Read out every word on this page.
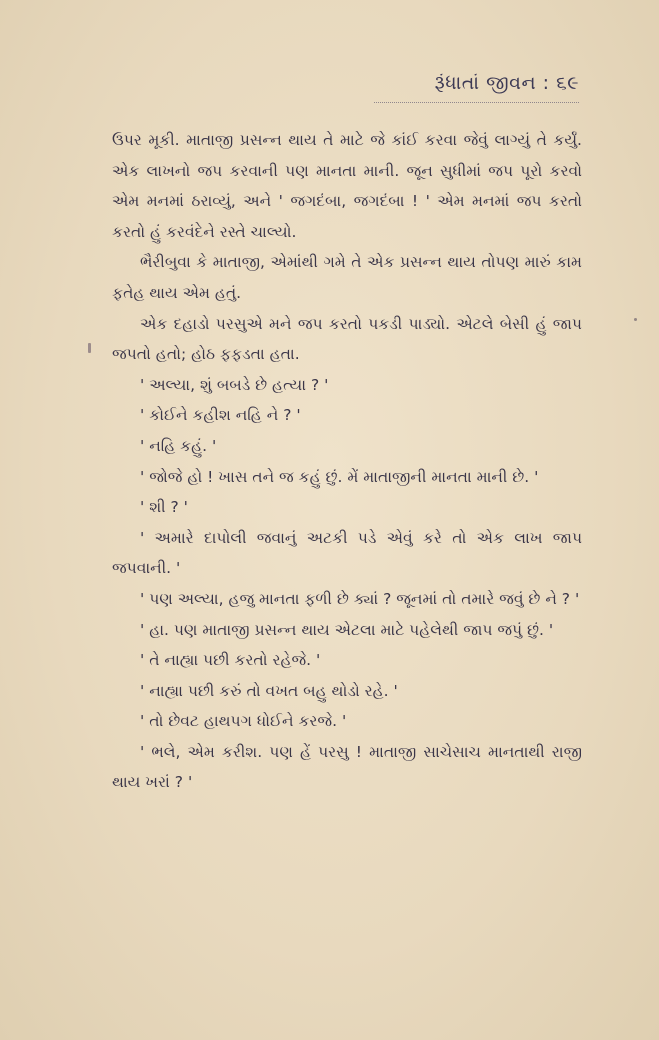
રૂંધાતાં જીવન : ૬૯

ઉપર મૂકી. માતાજી પ્રસન્ન થાય તે માટે જે કાંઈ કરવા જેવું લાગ્યું તે કર્યું. એક લાખનો જપ કરવાની પણ માનતા માની. જૂન સુધીમાં જપ પૂરો કરવો એમ મનમાં ઠરાવ્યું, અને ' જગદંબા, જગદંબા ! ' એમ મનમાં જપ કરતો કરતો હું કરવંદેને રસ્તે ચાલ્યો.

ભૈરીબુવા કે માતાજી, એમાંથી ગમે તે એક પ્રસન્ન થાય તોપણ મારું કામ ફતેહ થાય એમ હતું.

એક દહાડો પરસુએ મને જપ કરતો પકડી પાડ્યો. એટલે બેસી હું જાપ જપતો હતો; હોઠ ફફડતા હતા.

' અલ્યા, શું બબડે છે હત્યા ? '

' કોઈને કહીશ નહિ ને ? '

' નહિ કહું. '

' જોજે હો ! ખાસ તને જ કહું છું. મેં માતાજીની માનતા માની છે. '

' શી ? '

' અમારે દાપોલી જવાનું અટકી પડે એવું કરે તો એક લાખ જાપ જપવાની. '

' પણ અલ્યા, હજુ માનતા ફળી છે ક્યાં ? જૂનમાં તો તમારે જવું છે ને ? '

' હા. પણ માતાજી પ્રસન્ન થાય એટલા માટે પહેલેથી જાપ જપું છું. '

' તે નાહ્યા પછી કરતો રહેજે. '

' નાહ્યા પછી કરું તો વખત બહુ થોડો રહે. '

' તો છેવટ હાથપગ ધોઈને કરજે. '

' ભલે, એમ કરીશ. પણ હેં પરસુ ! માતાજી સાચેસાચ માનતાથી રાજી થાય ખરાં ? '
